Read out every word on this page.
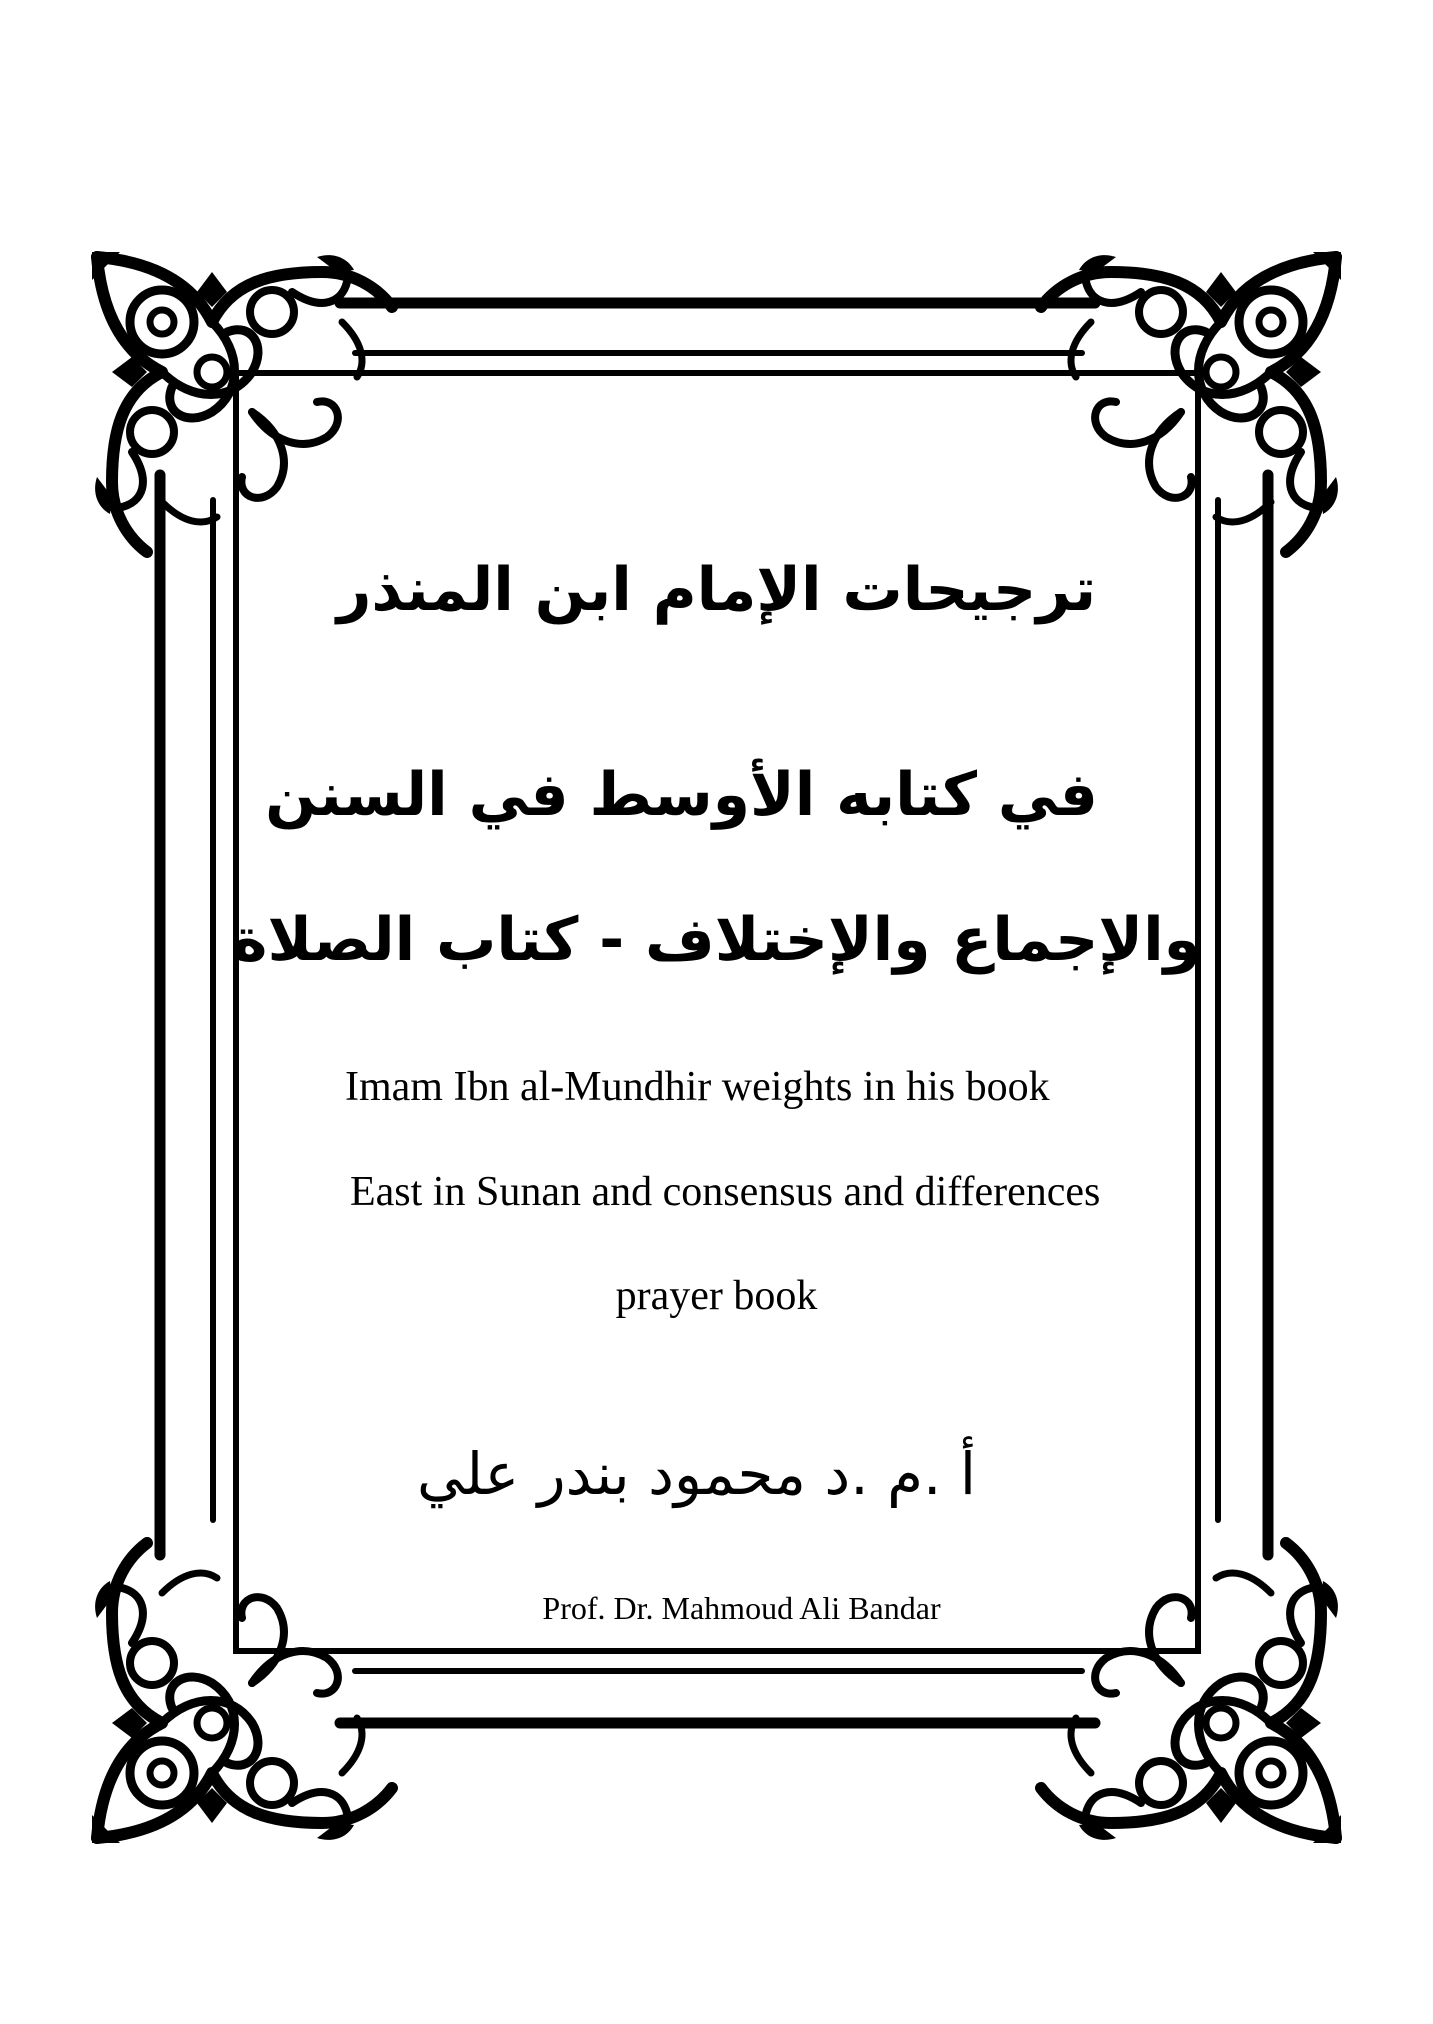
ترجيحات الإمام ابن المنذر
في كتابه الأوسط في السنن
والإجماع والإختلاف - كتاب الصلاة
Imam Ibn al-Mundhir weights in his book
East in Sunan and consensus and differences
prayer book
أ .م .د محمود بندر علي
Prof. Dr. Mahmoud Ali Bandar
